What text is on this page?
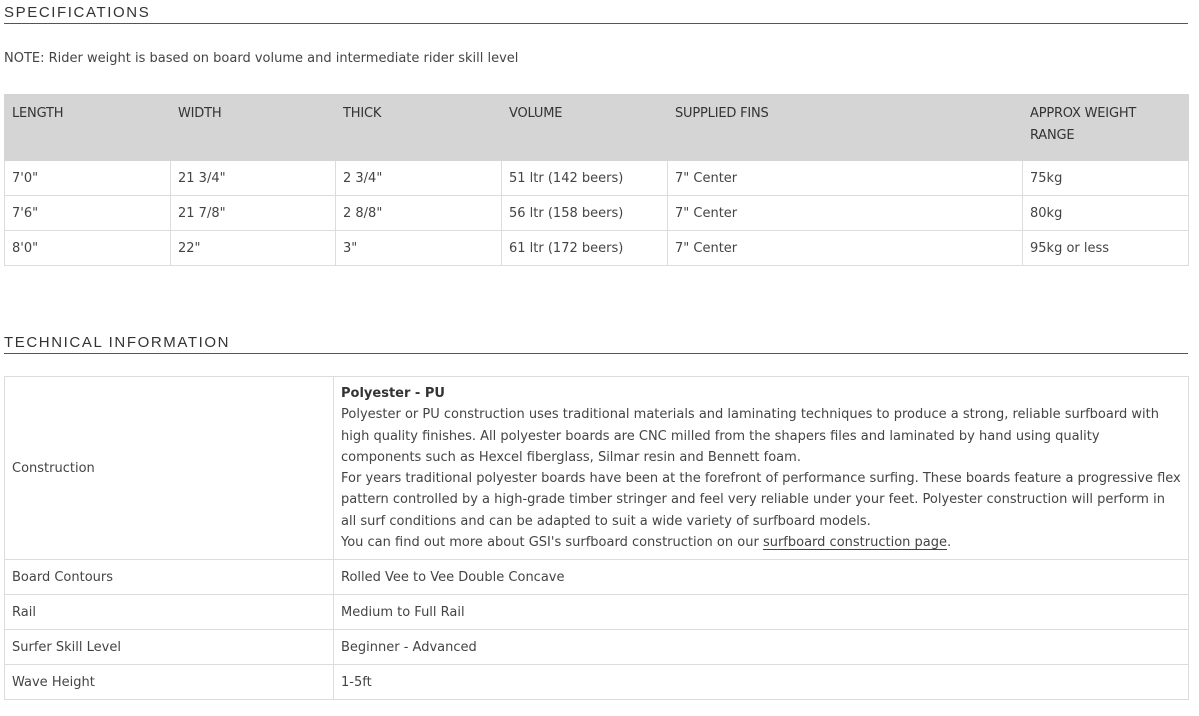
SPECIFICATIONS
NOTE: Rider weight is based on board volume and intermediate rider skill level
LENGTH	WIDTH	THICK	VOLUME	SUPPLIED FINS	APPROX WEIGHT RANGE
7'0"	21 3/4"	2 3/4"	51 ltr (142 beers)	7" Center	75kg
7'6"	21 7/8"	2 8/8"	56 ltr (158 beers)	7" Center	80kg
8'0"	22"	3"	61 ltr (172 beers)	7" Center	95kg or less
TECHNICAL INFORMATION
Construction	Polyester - PU
Polyester or PU construction uses traditional materials and laminating techniques to produce a strong, reliable surfboard with high quality finishes. All polyester boards are CNC milled from the shapers files and laminated by hand using quality components such as Hexcel fiberglass, Silmar resin and Bennett foam.
For years traditional polyester boards have been at the forefront of performance surfing. These boards feature a progressive flex pattern controlled by a high-grade timber stringer and feel very reliable under your feet. Polyester construction will perform in all surf conditions and can be adapted to suit a wide variety of surfboard models.
You can find out more about GSI's surfboard construction on our surfboard construction page.

Board Contours	Rolled Vee to Vee Double Concave
Rail	Medium to Full Rail
Surfer Skill Level	Beginner - Advanced
Wave Height	1-5ft
